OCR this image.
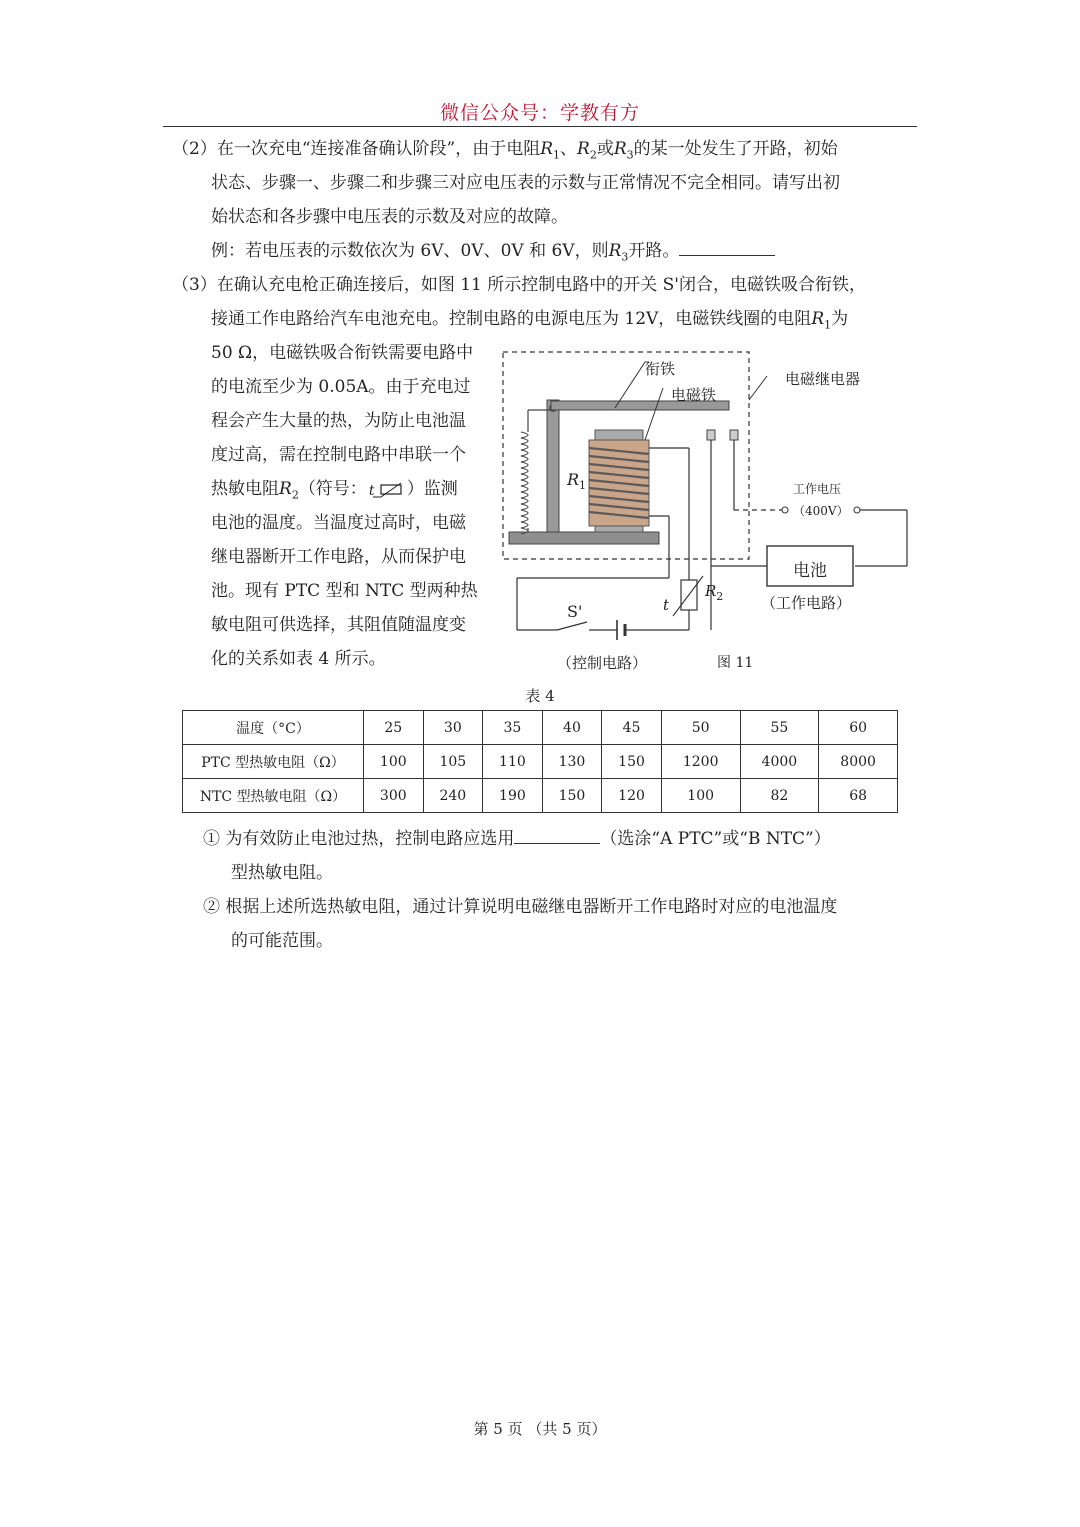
微信公众号：学教有方
（2）在一次充电“连接准备确认阶段”，由于电阻$R_1$、$R_2$或$R_3$的某一处发生了开路，初始
状态、步骤一、步骤二和步骤三对应电压表的示数与正常情况不完全相同。请写出初
始状态和各步骤中电压表的示数及对应的故障。
例：若电压表的示数依次为 6V、0V、0V 和 6V，则$R_3$开路。
（3）在确认充电枪正确连接后，如图 11 所示控制电路中的开关 S'闭合，电磁铁吸合衔铁，
接通工作电路给汽车电池充电。控制电路的电源电压为 12V，电磁铁线圈的电阻$R_1$为
50 Ω，电磁铁吸合衔铁需要电路中
的电流至少为 0.05A。由于充电过
程会产生大量的热，为防止电池温
度过高，需在控制电路中串联一个
热敏电阻$R_2$（符号： t ）监测
电池的温度。当温度过高时，电磁
继电器断开工作电路，从而保护电
池。现有 PTC 型和 NTC 型两种热
敏电阻可供选择，其阻值随温度变
化的关系如表 4 所示。
衔铁
电磁铁
电磁继电器
$R_1$	工作电压
（400V）
电池
（工作电路）
S'	t
$R_2$
（控制电路）	图 11
表 4
温度（°C）	25	30	35	40	45	50	55	60
PTC 型热敏电阻（Ω）	100	105	110	130	150	1200	4000	8000
NTC 型热敏电阻（Ω）	300	240	190	150	120	100	82	68
① 为有效防止电池过热，控制电路应选用	（选涂“A PTC”或“B NTC”）
型热敏电阻。
② 根据上述所选热敏电阻，通过计算说明电磁继电器断开工作电路时对应的电池温度
的可能范围。
第 5 页 （共 5 页）
